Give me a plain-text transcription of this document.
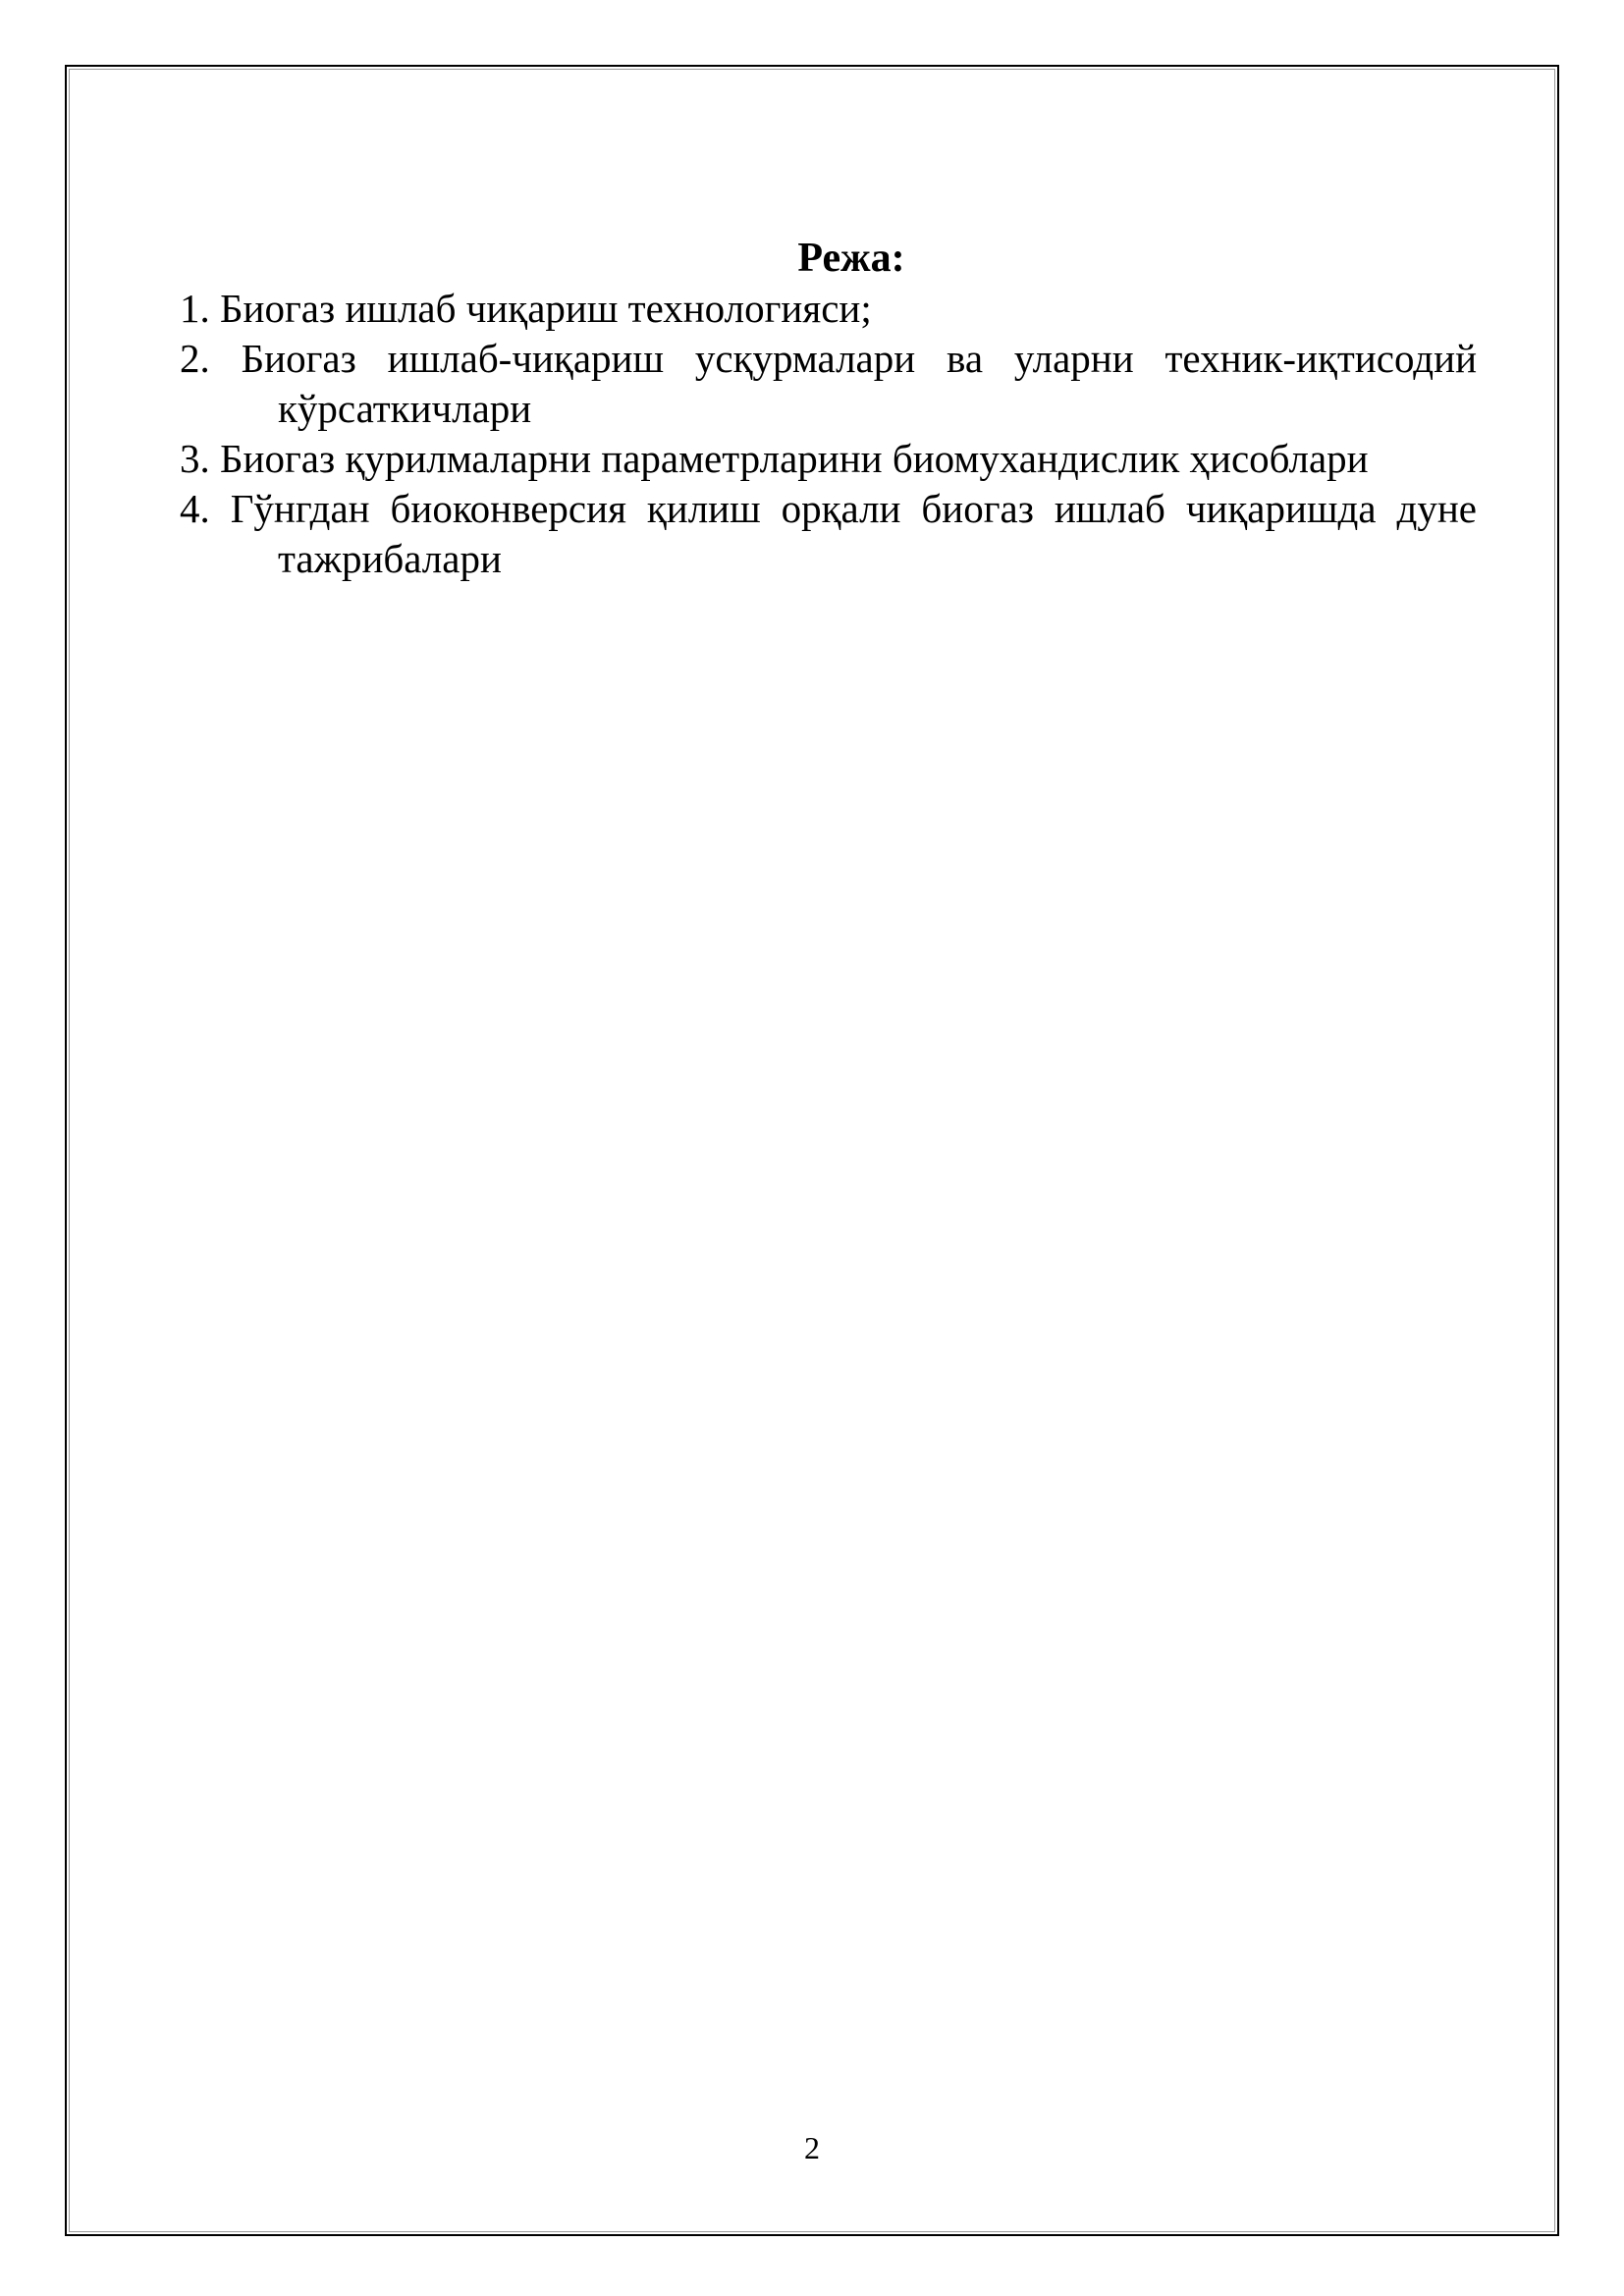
Режа:
1. Биогаз ишлаб чиқариш технологияси;
2. Биогаз ишлаб-чиқариш усқурмалари ва уларни техник-иқтисодий кўрсаткичлари
3. Биогаз қурилмаларни параметрларини биомухандислик ҳисоблари
4. Гўнгдан биоконверсия қилиш орқали биогаз ишлаб чиқаришда дуне тажрибалари
2
